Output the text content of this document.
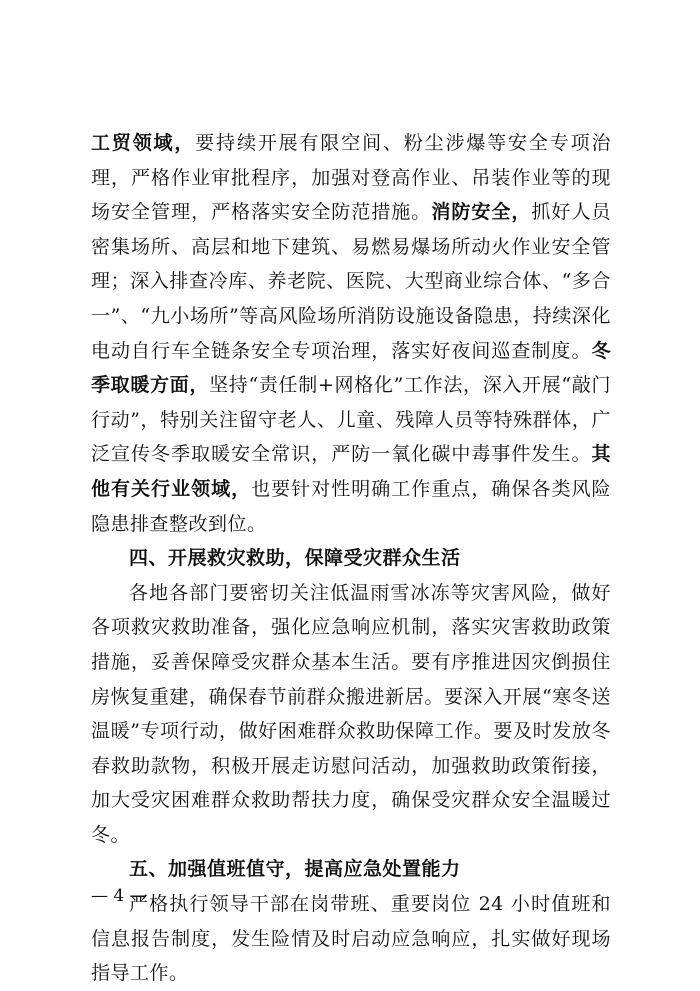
工贸领域，要持续开展有限空间、粉尘涉爆等安全专项治理，严格作业审批程序，加强对登高作业、吊装作业等的现场安全管理，严格落实安全防范措施。消防安全，抓好人员密集场所、高层和地下建筑、易燃易爆场所动火作业安全管理；深入排查冷库、养老院、医院、大型商业综合体、“多合一”、“九小场所”等高风险场所消防设施设备隐患，持续深化电动自行车全链条安全专项治理，落实好夜间巡查制度。冬季取暖方面，坚持“责任制+网格化”工作法，深入开展“敲门行动”，特别关注留守老人、儿童、残障人员等特殊群体，广泛宣传冬季取暖安全常识，严防一氧化碳中毒事件发生。其他有关行业领域，也要针对性明确工作重点，确保各类风险隐患排查整改到位。

四、开展救灾救助，保障受灾群众生活

各地各部门要密切关注低温雨雪冰冻等灾害风险，做好各项救灾救助准备，强化应急响应机制，落实灾害救助政策措施，妥善保障受灾群众基本生活。要有序推进因灾倒损住房恢复重建，确保春节前群众搬进新居。要深入开展“寒冬送温暖”专项行动，做好困难群众救助保障工作。要及时发放冬春救助款物，积极开展走访慰问活动，加强救助政策衔接，加大受灾困难群众救助帮扶力度，确保受灾群众安全温暖过冬。

五、加强值班值守，提高应急处置能力

严格执行领导干部在岗带班、重要岗位 24 小时值班和信息报告制度，发生险情及时启动应急响应，扎实做好现场指导工作。

— 4 —
